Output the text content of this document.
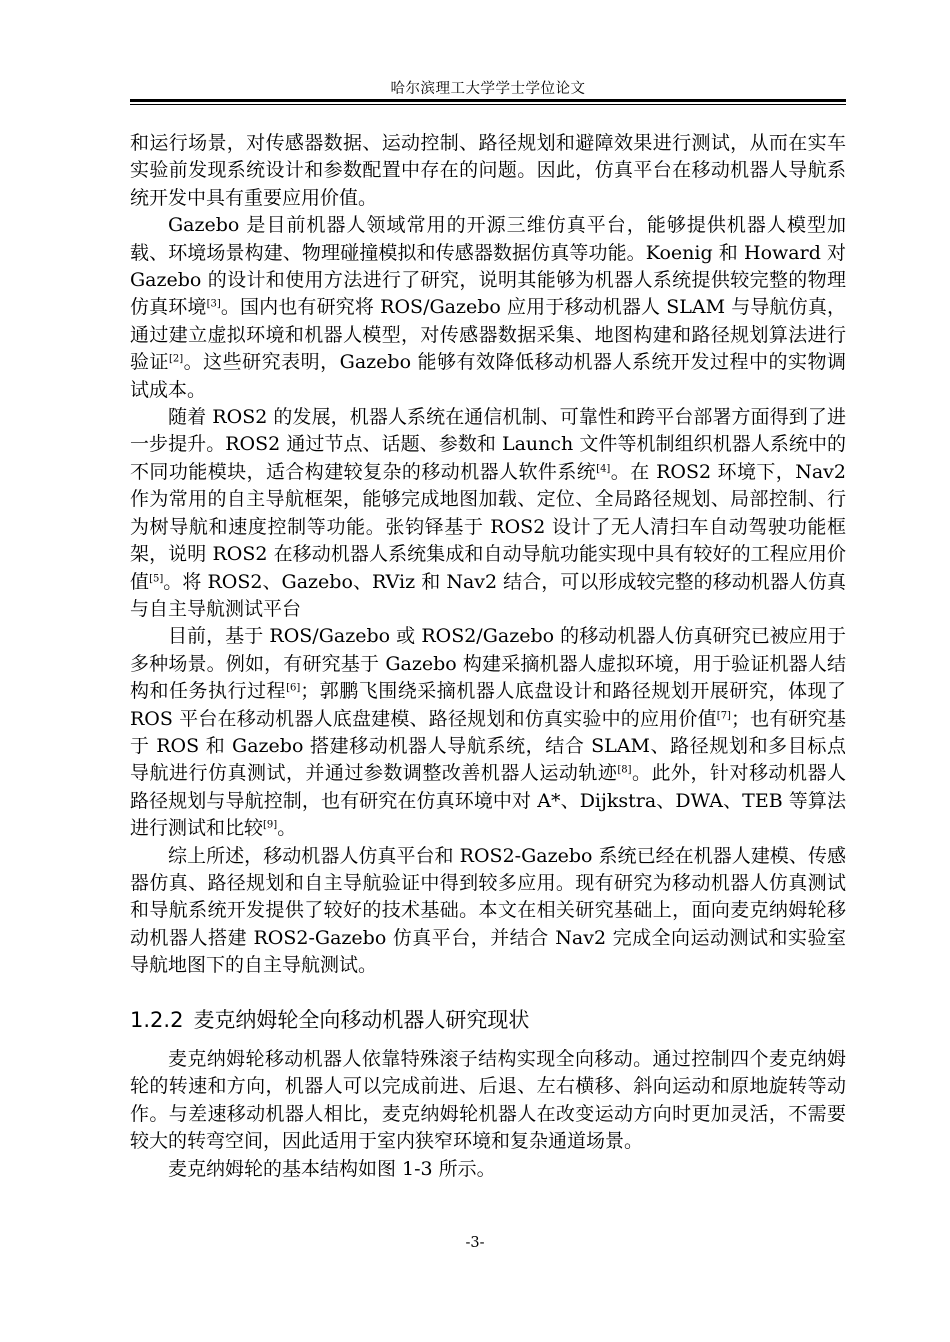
哈尔滨理工大学学士学位论文

和运行场景，对传感器数据、运动控制、路径规划和避障效果进行测试，从而在实车实验前发现系统设计和参数配置中存在的问题。因此，仿真平台在移动机器人导航系统开发中具有重要应用价值。

Gazebo 是目前机器人领域常用的开源三维仿真平台，能够提供机器人模型加载、环境场景构建、物理碰撞模拟和传感器数据仿真等功能。Koenig 和 Howard 对 Gazebo 的设计和使用方法进行了研究，说明其能够为机器人系统提供较完整的物理仿真环境[3]。国内也有研究将 ROS/Gazebo 应用于移动机器人 SLAM 与导航仿真，通过建立虚拟环境和机器人模型，对传感器数据采集、地图构建和路径规划算法进行验证[2]。这些研究表明，Gazebo 能够有效降低移动机器人系统开发过程中的实物调试成本。

随着 ROS2 的发展，机器人系统在通信机制、可靠性和跨平台部署方面得到了进一步提升。ROS2 通过节点、话题、参数和 Launch 文件等机制组织机器人系统中的不同功能模块，适合构建较复杂的移动机器人软件系统[4]。在 ROS2 环境下，Nav2 作为常用的自主导航框架，能够完成地图加载、定位、全局路径规划、局部控制、行为树导航和速度控制等功能。张钧铎基于 ROS2 设计了无人清扫车自动驾驶功能框架，说明 ROS2 在移动机器人系统集成和自动导航功能实现中具有较好的工程应用价值[5]。将 ROS2、Gazebo、RViz 和 Nav2 结合，可以形成较完整的移动机器人仿真与自主导航测试平台

目前，基于 ROS/Gazebo 或 ROS2/Gazebo 的移动机器人仿真研究已被应用于多种场景。例如，有研究基于 Gazebo 构建采摘机器人虚拟环境，用于验证机器人结构和任务执行过程[6]；郭鹏飞围绕采摘机器人底盘设计和路径规划开展研究，体现了 ROS 平台在移动机器人底盘建模、路径规划和仿真实验中的应用价值[7]；也有研究基于 ROS 和 Gazebo 搭建移动机器人导航系统，结合 SLAM、路径规划和多目标点导航进行仿真测试，并通过参数调整改善机器人运动轨迹[8]。此外，针对移动机器人路径规划与导航控制，也有研究在仿真环境中对 A*、Dijkstra、DWA、TEB 等算法进行测试和比较[9]。

综上所述，移动机器人仿真平台和 ROS2-Gazebo 系统已经在机器人建模、传感器仿真、路径规划和自主导航验证中得到较多应用。现有研究为移动机器人仿真测试和导航系统开发提供了较好的技术基础。本文在相关研究基础上，面向麦克纳姆轮移动机器人搭建 ROS2-Gazebo 仿真平台，并结合 Nav2 完成全向运动测试和实验室导航地图下的自主导航测试。

1.2.2 麦克纳姆轮全向移动机器人研究现状

麦克纳姆轮移动机器人依靠特殊滚子结构实现全向移动。通过控制四个麦克纳姆轮的转速和方向，机器人可以完成前进、后退、左右横移、斜向运动和原地旋转等动作。与差速移动机器人相比，麦克纳姆轮机器人在改变运动方向时更加灵活，不需要较大的转弯空间，因此适用于室内狭窄环境和复杂通道场景。

麦克纳姆轮的基本结构如图 1-3 所示。

-3-
